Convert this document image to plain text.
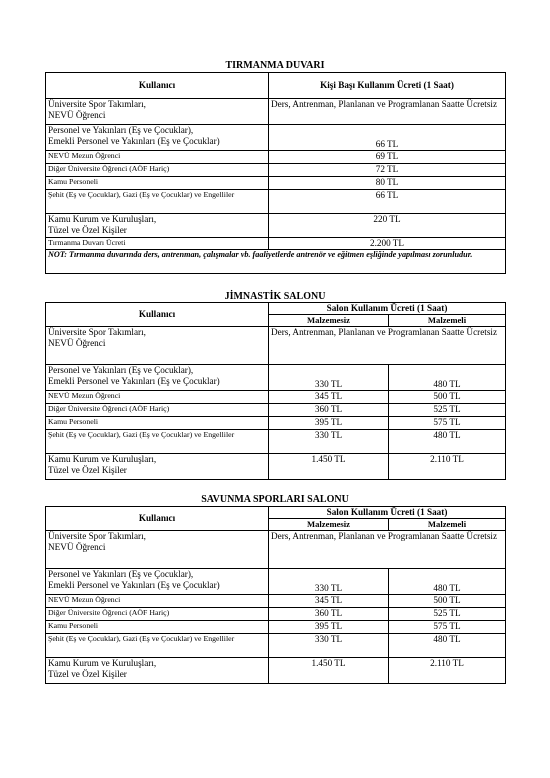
TIRMANMA DUVARI
Kullanıcı	Kişi Başı Kullanım Ücreti (1 Saat)
Üniversite Spor Takımları,
NEVÜ Öğrenci	Ders, Antrenman, Planlanan ve Programlanan Saatte Ücretsiz
Personel ve Yakınları (Eş ve Çocuklar),
Emekli Personel ve Yakınları (Eş ve Çocuklar)	66 TL
NEVÜ Mezun Öğrenci	69 TL
Diğer Üniversite Öğrenci (AÖF Hariç)	72 TL
Kamu Personeli	80 TL
Şehit (Eş ve Çocuklar), Gazi (Eş ve Çocuklar) ve Engelliler	66 TL
Kamu Kurum ve Kuruluşları,
Tüzel ve Özel Kişiler	220 TL
Tırmanma Duvarı Ücreti	2.200 TL
NOT: Tırmanma duvarında ders, antrenman, çalışmalar vb. faaliyetlerde antrenör ve eğitmen eşliğinde yapılması zorunludur.	
JİMNASTİK SALONU
Kullanıcı	Salon Kullanım Ücreti (1 Saat)	
	Malzemesiz	Malzemeli
Üniversite Spor Takımları,
NEVÜ Öğrenci	Ders, Antrenman, Planlanan ve Programlanan Saatte Ücretsiz	
Personel ve Yakınları (Eş ve Çocuklar),
Emekli Personel ve Yakınları (Eş ve Çocuklar)	330 TL	480 TL
NEVÜ Mezun Öğrenci	345 TL	500 TL
Diğer Üniversite Öğrenci (AÖF Hariç)	360 TL	525 TL
Kamu Personeli	395 TL	575 TL
Şehit (Eş ve Çocuklar), Gazi (Eş ve Çocuklar) ve Engelliler	330 TL	480 TL
Kamu Kurum ve Kuruluşları,
Tüzel ve Özel Kişiler	1.450 TL	2.110 TL
SAVUNMA SPORLARI SALONU
Kullanıcı	Salon Kullanım Ücreti (1 Saat)	
	Malzemesiz	Malzemeli
Üniversite Spor Takımları,
NEVÜ Öğrenci	Ders, Antrenman, Planlanan ve Programlanan Saatte Ücretsiz	
Personel ve Yakınları (Eş ve Çocuklar),
Emekli Personel ve Yakınları (Eş ve Çocuklar)	330 TL	480 TL
NEVÜ Mezun Öğrenci	345 TL	500 TL
Diğer Üniversite Öğrenci (AÖF Hariç)	360 TL	525 TL
Kamu Personeli	395 TL	575 TL
Şehit (Eş ve Çocuklar), Gazi (Eş ve Çocuklar) ve Engelliler	330 TL	480 TL
Kamu Kurum ve Kuruluşları,
Tüzel ve Özel Kişiler	1.450 TL	2.110 TL
